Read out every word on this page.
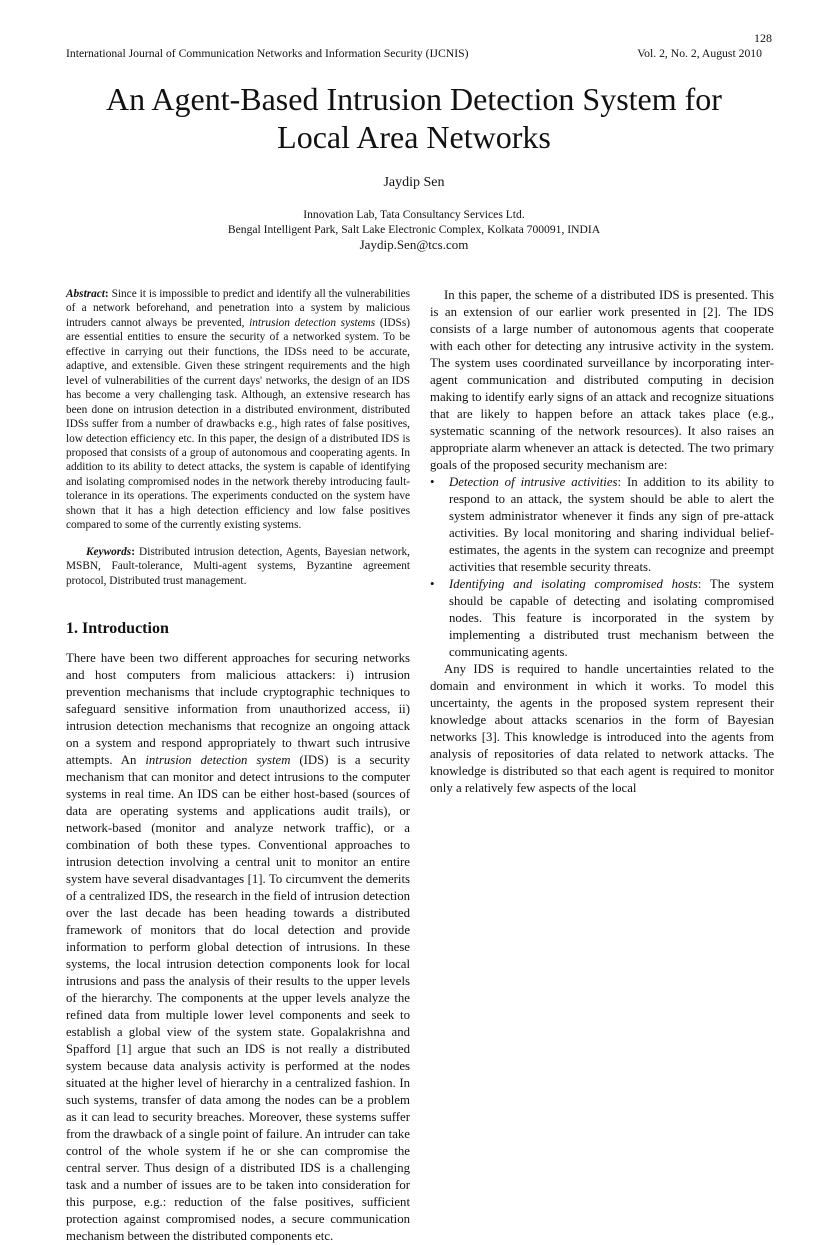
128
International Journal of Communication Networks and Information Security (IJCNIS)	Vol. 2, No. 2, August 2010
An Agent-Based Intrusion Detection System for
Local Area Networks
Jaydip Sen
Innovation Lab, Tata Consultancy Services Ltd.
Bengal Intelligent Park, Salt Lake Electronic Complex, Kolkata 700091, INDIA
Jaydip.Sen@tcs.com

Abstract: Since it is impossible to predict and identify all the vulnerabilities of a network beforehand, and penetration into a system by malicious intruders cannot always be prevented, intrusion detection systems (IDSs) are essential entities to ensure the security of a networked system. To be effective in carrying out their functions, the IDSs need to be accurate, adaptive, and extensible. Given these stringent requirements and the high level of vulnerabilities of the current days' networks, the design of an IDS has become a very challenging task. Although, an extensive research has been done on intrusion detection in a distributed environment, distributed IDSs suffer from a number of drawbacks e.g., high rates of false positives, low detection efficiency etc. In this paper, the design of a distributed IDS is proposed that consists of a group of autonomous and cooperating agents. In addition to its ability to detect attacks, the system is capable of identifying and isolating compromised nodes in the network thereby introducing fault-tolerance in its operations. The experiments conducted on the system have shown that it has a high detection efficiency and low false positives compared to some of the currently existing systems.

Keywords: Distributed intrusion detection, Agents, Bayesian network, MSBN, Fault-tolerance, Multi-agent systems, Byzantine agreement protocol, Distributed trust management.

1. Introduction

There have been two different approaches for securing networks and host computers from malicious attackers: i) intrusion prevention mechanisms that include cryptographic techniques to safeguard sensitive information from unauthorized access, ii) intrusion detection mechanisms that recognize an ongoing attack on a system and respond appropriately to thwart such intrusive attempts. An intrusion detection system (IDS) is a security mechanism that can monitor and detect intrusions to the computer systems in real time. An IDS can be either host-based (sources of data are operating systems and applications audit trails), or network-based (monitor and analyze network traffic), or a combination of both these types. Conventional approaches to intrusion detection involving a central unit to monitor an entire system have several disadvantages [1]. To circumvent the demerits of a centralized IDS, the research in the field of intrusion detection over the last decade has been heading towards a distributed framework of monitors that do local detection and provide information to perform global detection of intrusions. In these systems, the local intrusion detection components look for local intrusions and pass the analysis of their results to the upper levels of the hierarchy. The components at the upper levels analyze the refined data from multiple lower level components and seek to establish a global view of the system state. Gopalakrishna and Spafford [1] argue that such an IDS is not really a distributed system because data analysis activity is performed at the nodes situated at the higher level of hierarchy in a centralized fashion. In such systems, transfer of data among the nodes can be a problem as it can lead to security breaches. Moreover, these systems suffer from the drawback of a single point of failure. An intruder can take control of the whole system if he or she can compromise the central server. Thus design of a distributed IDS is a challenging task and a number of issues are to be taken into consideration for this purpose, e.g.: reduction of the false positives, sufficient protection against compromised nodes, a secure communication mechanism between the distributed components etc.

In this paper, the scheme of a distributed IDS is presented. This is an extension of our earlier work presented in [2]. The IDS consists of a large number of autonomous agents that cooperate with each other for detecting any intrusive activity in the system. The system uses coordinated surveillance by incorporating inter-agent communication and distributed computing in decision making to identify early signs of an attack and recognize situations that are likely to happen before an attack takes place (e.g., systematic scanning of the network resources). It also raises an appropriate alarm whenever an attack is detected. The two primary goals of the proposed security mechanism are:

• Detection of intrusive activities: In addition to its ability to respond to an attack, the system should be able to alert the system administrator whenever it finds any sign of pre-attack activities. By local monitoring and sharing individual belief-estimates, the agents in the system can recognize and preempt activities that resemble security threats.
• Identifying and isolating compromised hosts: The system should be capable of detecting and isolating compromised nodes. This feature is incorporated in the system by implementing a distributed trust mechanism between the communicating agents.

Any IDS is required to handle uncertainties related to the domain and environment in which it works. To model this uncertainty, the agents in the proposed system represent their knowledge about attacks scenarios in the form of Bayesian networks [3]. This knowledge is introduced into the agents from analysis of repositories of data related to network attacks. The knowledge is distributed so that each agent is required to monitor only a relatively few aspects of the local
